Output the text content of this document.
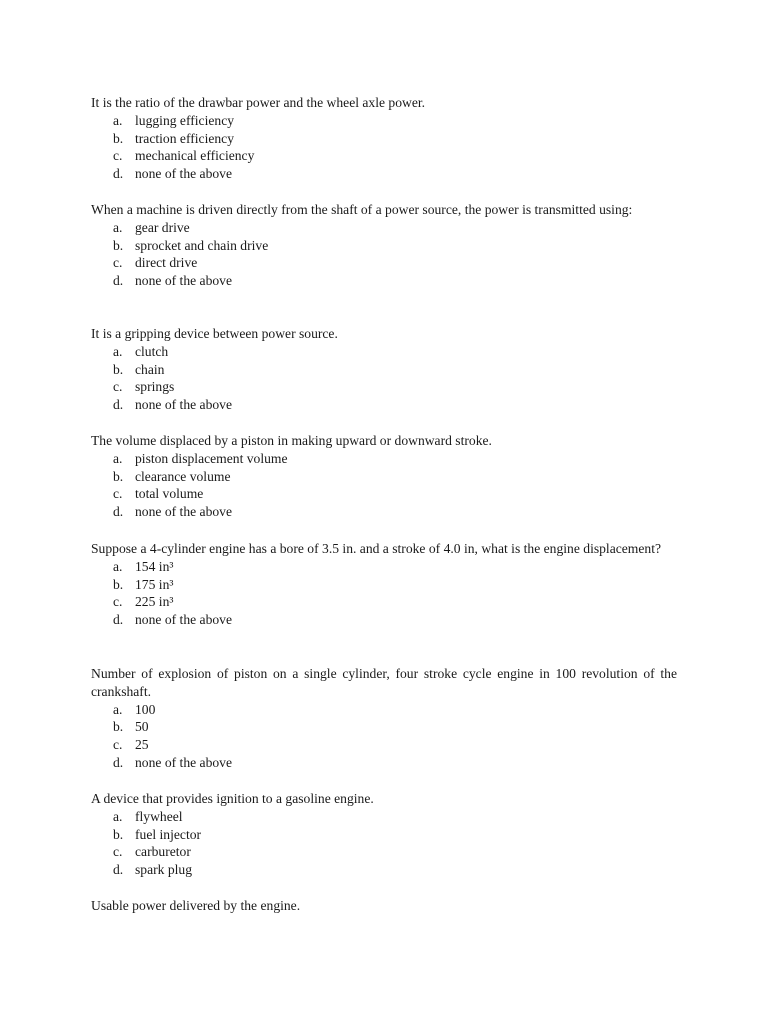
It is the ratio of the drawbar power and the wheel axle power.
a. lugging efficiency
b. traction efficiency
c. mechanical efficiency
d. none of the above
When a machine is driven directly from the shaft of a power source, the power is transmitted using:
a. gear drive
b. sprocket and chain drive
c. direct drive
d. none of the above
It is a gripping device between power source.
a. clutch
b. chain
c. springs
d. none of the above
The volume displaced by a piston in making upward or downward stroke.
a. piston displacement volume
b. clearance volume
c. total volume
d. none of the above
Suppose a 4-cylinder engine has a bore of 3.5 in. and a stroke of 4.0 in, what is the engine displacement?
a. 154 in³
b. 175 in³
c. 225 in³
d. none of the above
Number of explosion of piston on a single cylinder, four stroke cycle engine in 100 revolution of the crankshaft.
a. 100
b. 50
c. 25
d. none of the above
A device that provides ignition to a gasoline engine.
a. flywheel
b. fuel injector
c. carburetor
d. spark plug
Usable power delivered by the engine.
